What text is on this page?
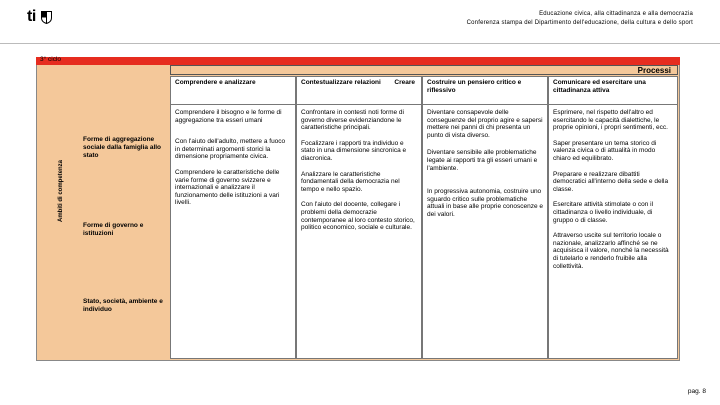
ti	Educazione civica, alla cittadinanza e alla democrazia
Conferenza stampa del Dipartimento dell'educazione, della cultura e dello sport
3° ciclo
Processi
Ambiti di competenza
Forme di aggregazione sociale dalla famiglia allo stato
Forme di governo e istituzioni
Stato, società, ambiente e individuo
Comprendere e analizzare

Comprendere il bisogno e le forme di aggregazione tra esseri umani

Con l'aiuto dell'adulto, mettere a fuoco in determinati argomenti storici la dimensione propriamente civica.

Comprendere le caratteristiche delle varie forme di governo svizzere e internazionali e analizzare il funzionamento delle istituzioni a vari livelli.

Contestualizzare relazioni Creare

Confrontare in contesti noti forme di governo diverse evidenziandone le caratteristiche principali.

Focalizzare i rapporti tra individuo e stato in una dimensione sincronica e diacronica.

Analizzare le caratteristiche fondamentali della democrazia nel tempo e nello spazio.

Con l'aiuto del docente, collegare i problemi della democrazie contemporanee al loro contesto storico, politico economico, sociale e culturale.

Costruire un pensiero critico e riflessivo

Diventare consapevole delle conseguenze del proprio agire e sapersi mettere nei panni di chi presenta un punto di vista diverso.

Diventare sensibile alle problematiche legate ai rapporti tra gli esseri umani e l'ambiente.

In progressiva autonomia, costruire uno sguardo critico sulle problematiche attuali in base alle proprie conoscenze e dei valori.

Comunicare ed esercitare una cittadinanza attiva

Esprimere, nel rispetto dell'altro ed esercitando le capacità dialettiche, le proprie opinioni, i propri sentimenti, ecc.

Saper presentare un tema storico di valenza civica o di attualità in modo chiaro ed equilibrato.

Preparare e realizzare dibattiti democratici all'interno della sede e della classe.

Esercitare attività stimolate o con il cittadinanza o livello individuale, di gruppo o di classe.

Attraverso uscite sul territorio locale o nazionale, analizzarlo affinché se ne acquisisca il valore, nonché la necessità di tutelarlo e renderlo fruibile alla collettività.

pag. 8
